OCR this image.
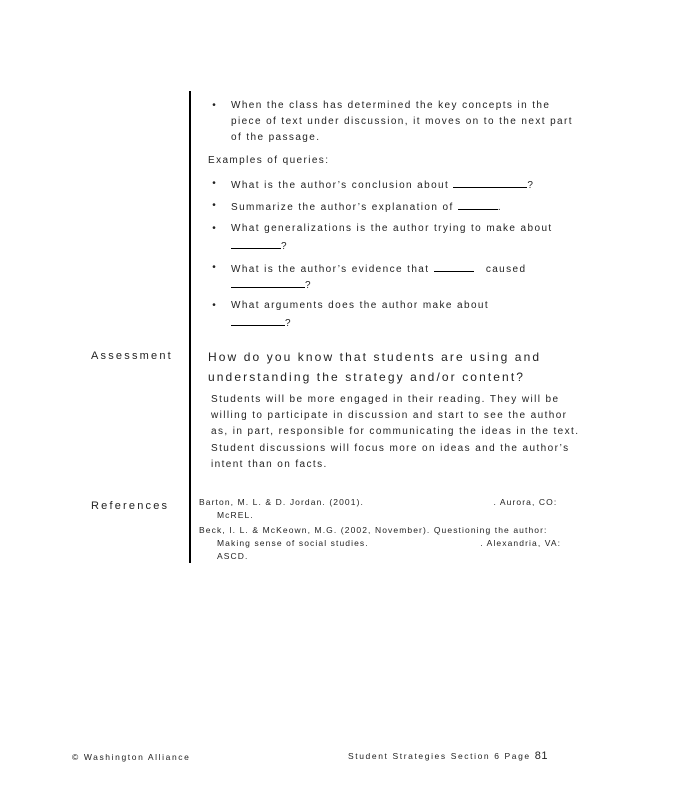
•	When the class has determined the key concepts in the
piece of text under discussion, it moves on to the next part
of the passage.
Examples of queries:
•	What is the author’s conclusion about	?
•	Summarize the author’s explanation of	.
•	What generalizations is the author trying to make about
?
•	What is the author’s evidence that	caused
?
•	What arguments does the author make about
?
Assessment	How do you know that students are using and
understanding the strategy and/or content?
Students will be more engaged in their reading. They will be
willing to participate in discussion and start to see the author
as, in part, responsible for communicating the ideas in the text.
Student discussions will focus more on ideas and the author’s
intent than on facts.
References	Barton, M. L. & D. Jordan. (2001).	. Aurora, CO:
McREL.
Beck, I. L. & McKeown, M.G. (2002, November). Questioning the author:
Making sense of social studies.	. Alexandria, VA:
ASCD.
© Washington Alliance	Student Strategies Section 6 Page 81
